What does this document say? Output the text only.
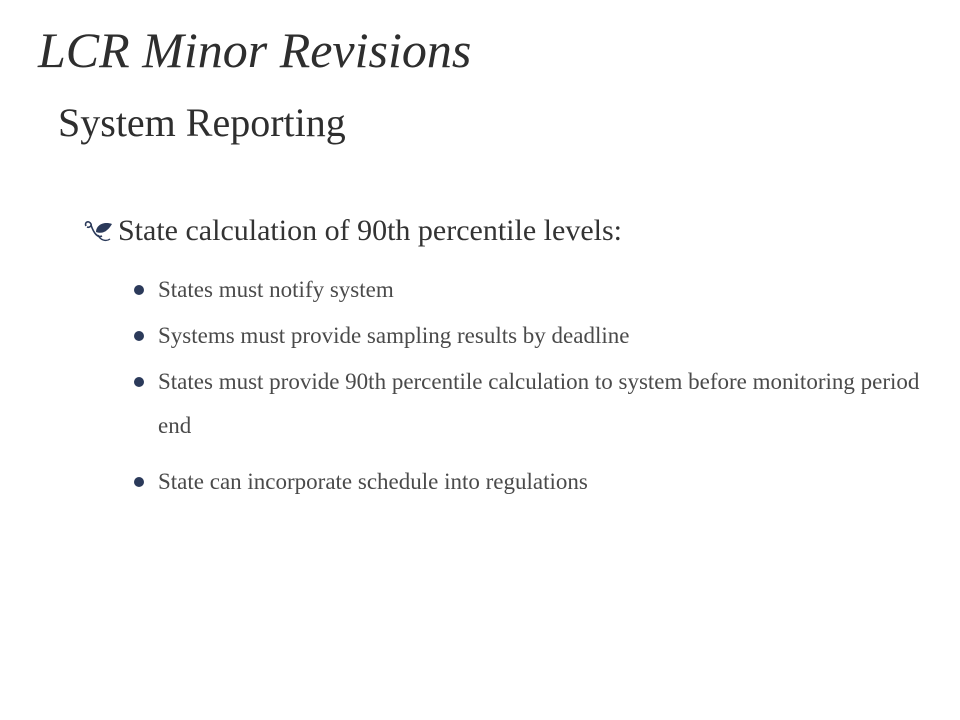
LCR Minor Revisions
System Reporting
State calculation of 90th percentile levels:
States must notify system
Systems must provide sampling results by deadline
States must provide 90th percentile calculation to system before monitoring period end
State can incorporate schedule into regulations
